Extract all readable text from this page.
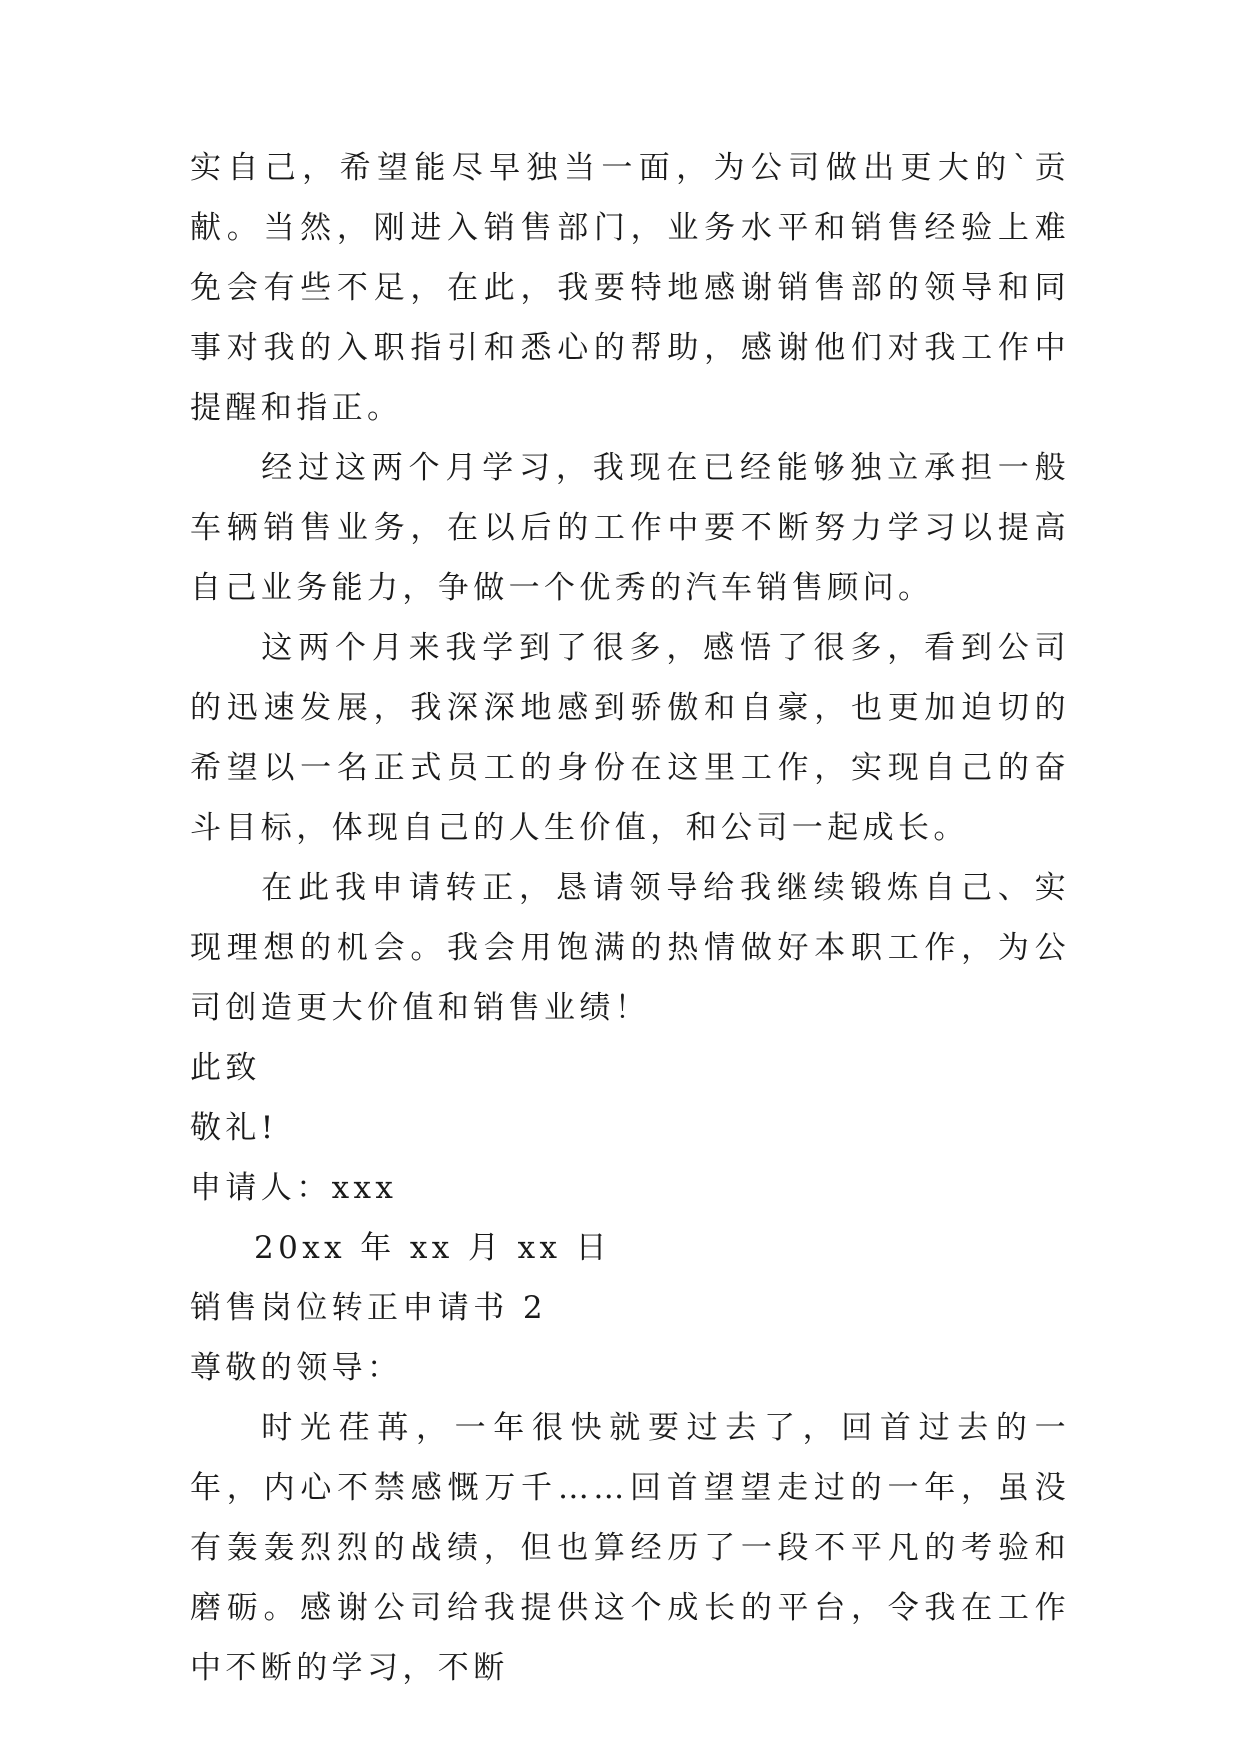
实自己，希望能尽早独当一面，为公司做出更大的`贡献。当然，刚进入销售部门，业务水平和销售经验上难免会有些不足，在此，我要特地感谢销售部的领导和同事对我的入职指引和悉心的帮助，感谢他们对我工作中提醒和指正。

经过这两个月学习，我现在已经能够独立承担一般车辆销售业务，在以后的工作中要不断努力学习以提高自己业务能力，争做一个优秀的汽车销售顾问。

这两个月来我学到了很多，感悟了很多，看到公司的迅速发展，我深深地感到骄傲和自豪，也更加迫切的希望以一名正式员工的身份在这里工作，实现自己的奋斗目标，体现自己的人生价值，和公司一起成长。

在此我申请转正，恳请领导给我继续锻炼自己、实现理想的机会。我会用饱满的热情做好本职工作，为公司创造更大价值和销售业绩！

此致

敬礼!

申请人：xxx

20xx 年 xx 月 xx 日

销售岗位转正申请书 2

尊敬的领导：

时光荏苒，一年很快就要过去了，回首过去的一年，内心不禁感慨万千……回首望望走过的一年，虽没有轰轰烈烈的战绩，但也算经历了一段不平凡的考验和磨砺。感谢公司给我提供这个成长的平台，令我在工作中不断的学习，不断
